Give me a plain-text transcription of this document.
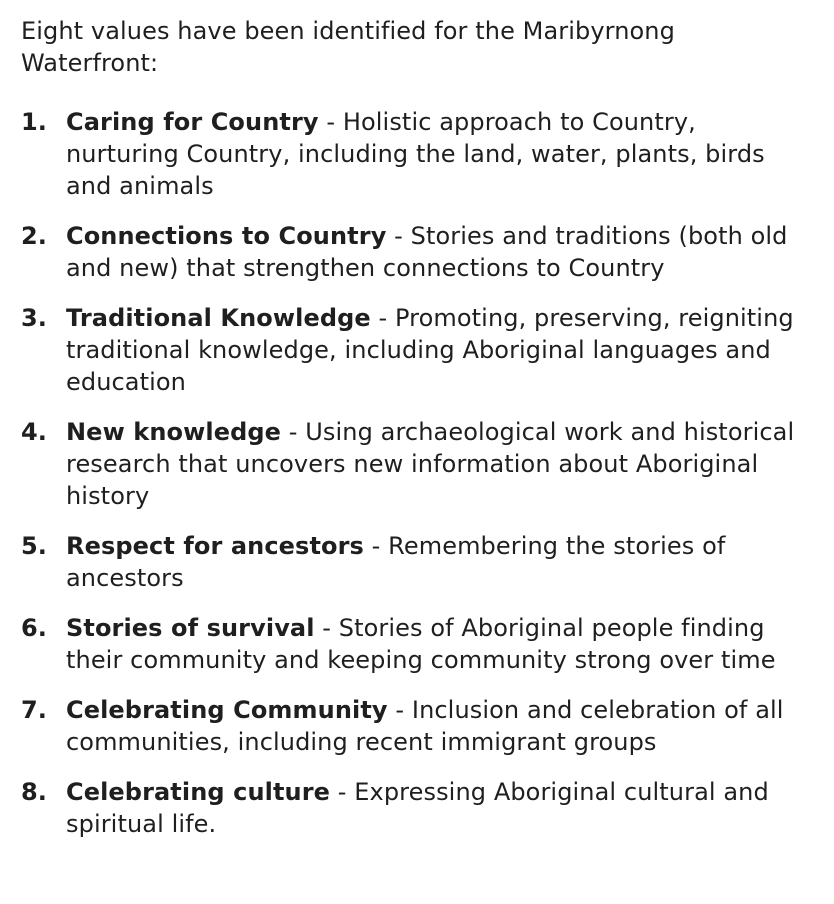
Eight values have been identified for the Maribyrnong Waterfront:

1. Caring for Country - Holistic approach to Country, nurturing Country, including the land, water, plants, birds and animals
2. Connections to Country - Stories and traditions (both old and new) that strengthen connections to Country
3. Traditional Knowledge - Promoting, preserving, reigniting traditional knowledge, including Aboriginal languages and education
4. New knowledge - Using archaeological work and historical research that uncovers new information about Aboriginal history
5. Respect for ancestors - Remembering the stories of ancestors
6. Stories of survival - Stories of Aboriginal people finding their community and keeping community strong over time
7. Celebrating Community - Inclusion and celebration of all communities, including recent immigrant groups
8. Celebrating culture - Expressing Aboriginal cultural and spiritual life.
